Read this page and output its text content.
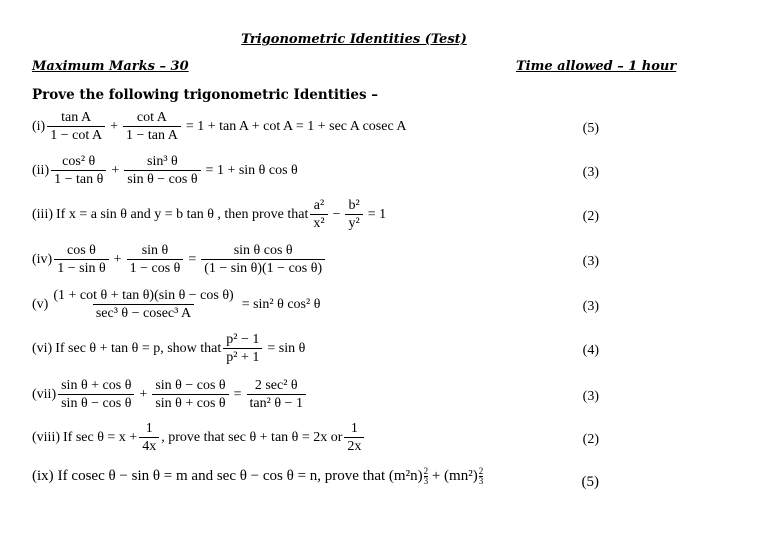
Trigonometric Identities (Test)
Maximum Marks – 30	Time allowed – 1 hour
Prove the following trigonometric Identities –
$(i) \frac{\text{tan A}}{\text{1 − cot A}} + \frac{\text{cot A}}{\text{1 − tan A}} = 1 + \tan A + \cot A = 1 + \sec A$ cosec A	(5)
$(ii) \frac{\text{cos² θ}}{\text{1 − tan θ}} + \frac{\text{sin³ θ}}{\text{sin θ − cos θ}} = 1 + \sin \theta$ cos θ	(3)
(iii) If x = a sin θ and y = b tan θ , then prove that $\frac{\text{a²}}{\text{x²}} - \frac{\text{b²}}{\text{y²}} = 1$	(2)
$(iv) \frac{\text{cos θ}}{\text{1 − sin θ}} + \frac{\text{sin θ}}{\text{1 − cos θ}} = \frac{\text{sin θ cos θ}}{\text{(1 − sin θ)(1 − cos θ)}}$	(3)
(v)
(1 + cot θ + tan θ)(sin θ − cos θ)
sec³ θ − cosec³ A
= sin² θ cos² θ	(3)
(vi) If sec θ + tan θ = p, show that $\frac{\text{p² − 1}}{\text{p² + 1}} = \sin \theta$	(4)
$(vii) \frac{\text{sin θ + cos θ}}{\text{sin θ − cos θ}} + \frac{\text{sin θ − cos θ}}{\text{sin θ + cos θ}}$ =
2 sec² θ
tan² θ − 1	(3)
(viii) If $\sec \theta = x + \frac{1}{4x}$ , prove that sec θ + tan θ = 2x or $\frac{1}{2x}$	(2)
(ix) If cosec θ − sin θ = m and sec θ − cos θ = n, prove that $(m^2n) \frac{2}{3} + (mn^2) \frac{2}{3}$	(5)
